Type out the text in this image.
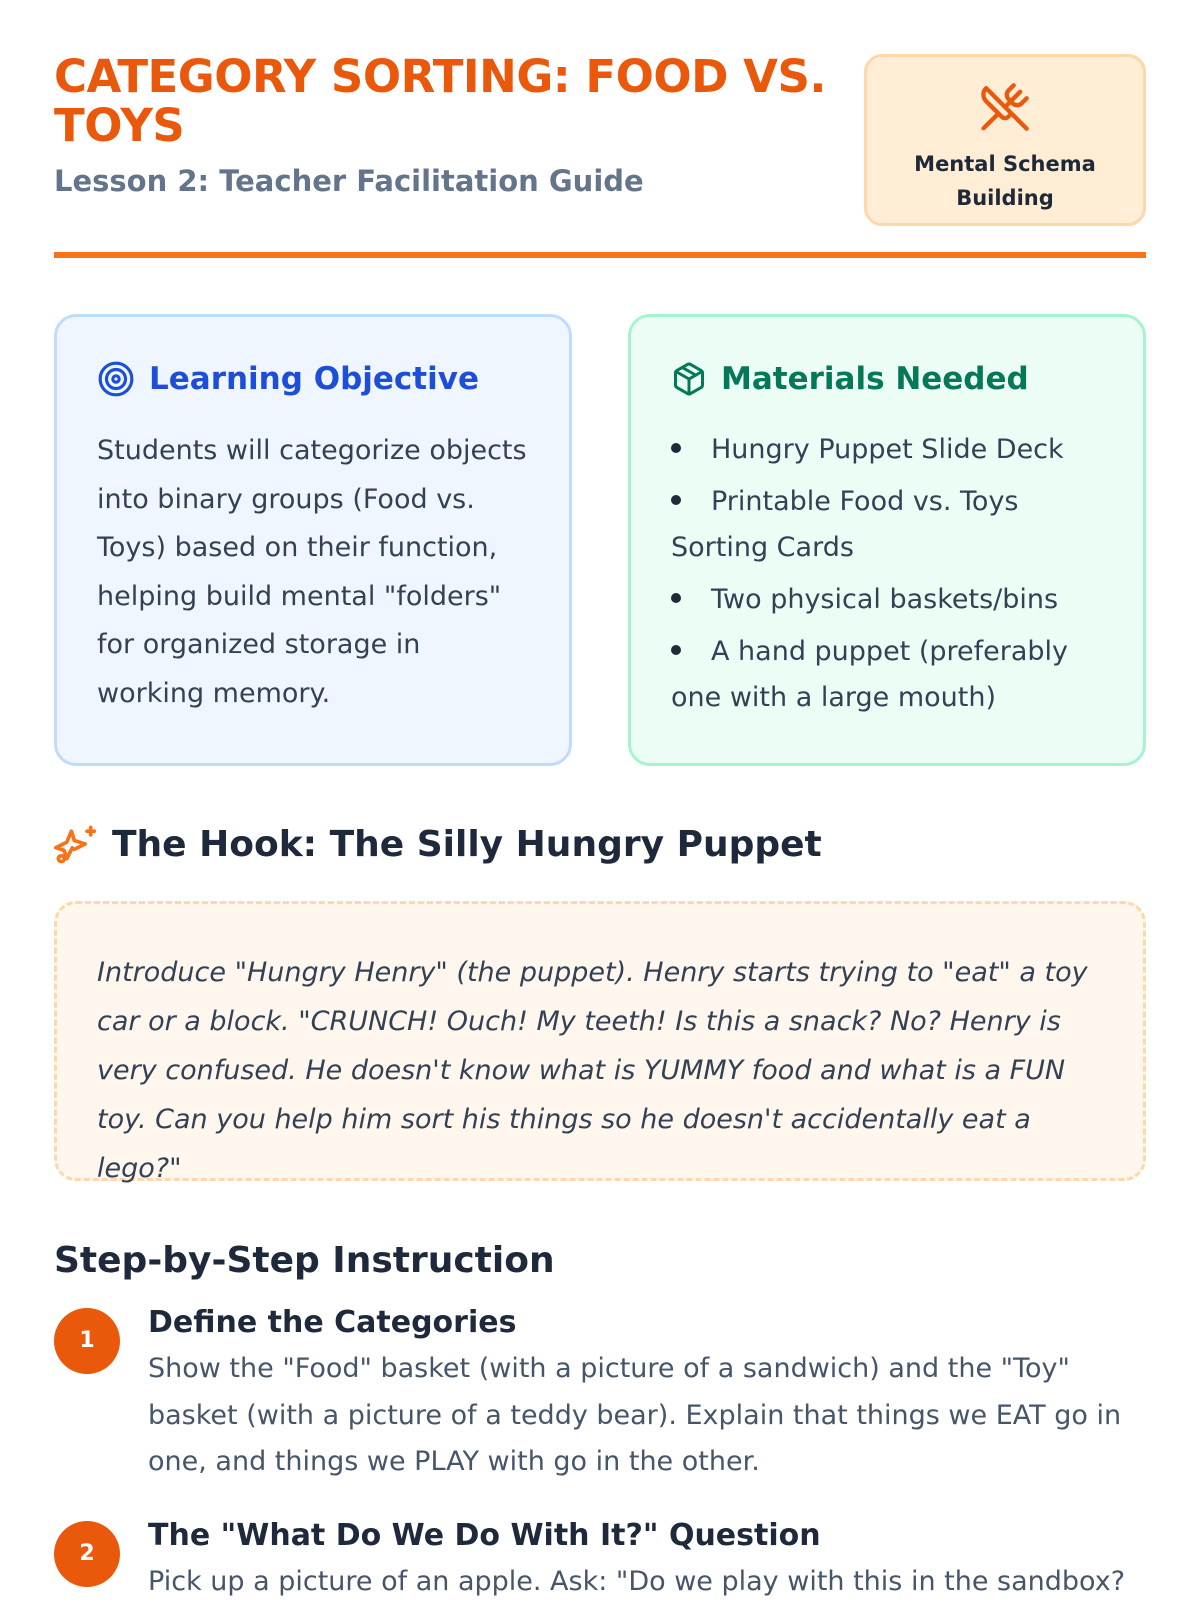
CATEGORY SORTING: FOOD VS. TOYS
Lesson 2: Teacher Facilitation Guide	Mental Schema Building
Learning Objective

Students will categorize objects into binary groups (Food vs. Toys) based on their function, helping build mental "folders" for organized storage in working memory.

Materials Needed
Hungry Puppet Slide Deck
Printable Food vs. Toys Sorting Cards
Two physical baskets/bins
A hand puppet (preferably one with a large mouth)
The Hook: The Silly Hungry Puppet

Introduce "Hungry Henry" (the puppet). Henry starts trying to "eat" a toy car or a block. "CRUNCH! Ouch! My teeth! Is this a snack? No? Henry is very confused. He doesn't know what is YUMMY food and what is a FUN toy. Can you help him sort his things so he doesn't accidentally eat a lego?"

Step-by-Step Instruction
1
Define the Categories

Show the "Food" basket (with a picture of a sandwich) and the "Toy" basket (with a picture of a teddy bear). Explain that things we EAT go in one, and things we PLAY with go in the other.

2
The "What Do We Do With It?" Question

Pick up a picture of an apple. Ask: "Do we play with this in the sandbox?
